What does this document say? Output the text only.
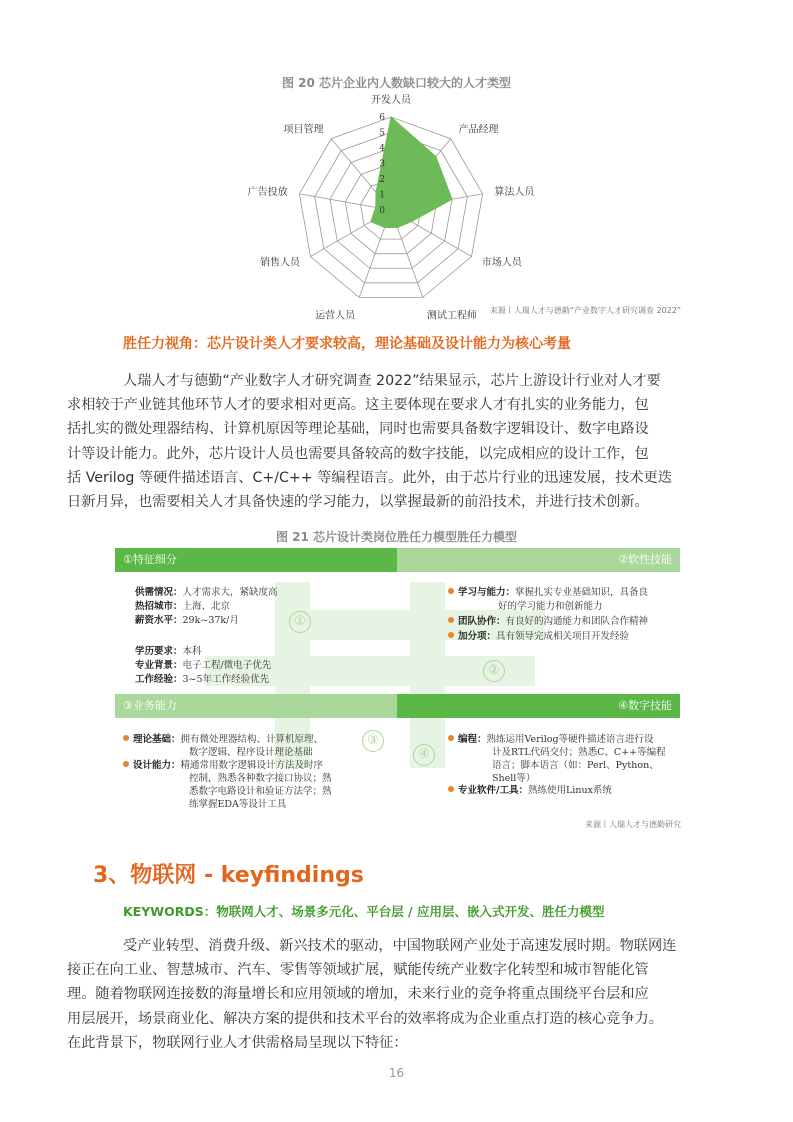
图 20 芯片企业内人数缺口较大的人才类型
0
1
2
3
4
5
6
开发人员
产品经理
算法人员
市场人员
测试工程师
运营人员
销售人员
广告投放
项目管理
来源丨人瑞人才与德勤“产业数字人才研究调查 2022”
胜任力视角：芯片设计类人才要求较高，理论基础及设计能力为核心考量
人瑞人才与德勤“产业数字人才研究调查 2022”结果显示，芯片上游设计行业对人才要
求相较于产业链其他环节人才的要求相对更高。这主要体现在要求人才有扎实的业务能力，包
括扎实的微处理器结构、计算机原因等理论基础，同时也需要具备数字逻辑设计、数字电路设
计等设计能力。此外，芯片设计人员也需要具备较高的数字技能，以完成相应的设计工作，包
括 Verilog 等硬件描述语言、C+/C++ 等编程语言。此外，由于芯片行业的迅速发展，技术更迭
日新月异，也需要相关人才具备快速的学习能力，以掌握最新的前沿技术，并进行技术创新。
图 21 芯片设计类岗位胜任力模型胜任力模型
①
②
③
④
①特征细分	②软性技能
③业务能力	④数字技能
供需情况：人才需求大，紧缺度高
热招城市：上海、北京
薪资水平：29k~37k/月
学历要求：本科
专业背景：电子工程/微电子优先
工作经验：3~5年工作经验优先
学习与能力：掌握扎实专业基础知识，具备良
好的学习能力和创新能力
团队协作：有良好的沟通能力和团队合作精神
加分项：具有领导完成相关项目开发经验
理论基础：拥有微处理器结构、计算机原理、
数字逻辑、程序设计理论基础
设计能力：精通常用数字逻辑设计方法及时序
控制，熟悉各种数字接口协议；熟
悉数字电路设计和验证方法学；熟
练掌握EDA等设计工具
编程：熟练运用Verilog等硬件描述语言进行设
计及RTL代码交付；熟悉C、C++等编程
语言；脚本语言（如：Perl、Python、
Shell等）
专业软件/工具：熟练使用Linux系统
来源丨人瑞人才与德勤研究
3、物联网 - keyfindings
KEYWORDS：物联网人才、场景多元化、平台层 / 应用层、嵌入式开发、胜任力模型
受产业转型、消费升级、新兴技术的驱动，中国物联网产业处于高速发展时期。物联网连
接正在向工业、智慧城市、汽车、零售等领域扩展，赋能传统产业数字化转型和城市智能化管
理。随着物联网连接数的海量增长和应用领域的增加，未来行业的竞争将重点围绕平台层和应
用层展开，场景商业化、解决方案的提供和技术平台的效率将成为企业重点打造的核心竞争力。
在此背景下，物联网行业人才供需格局呈现以下特征：
16
